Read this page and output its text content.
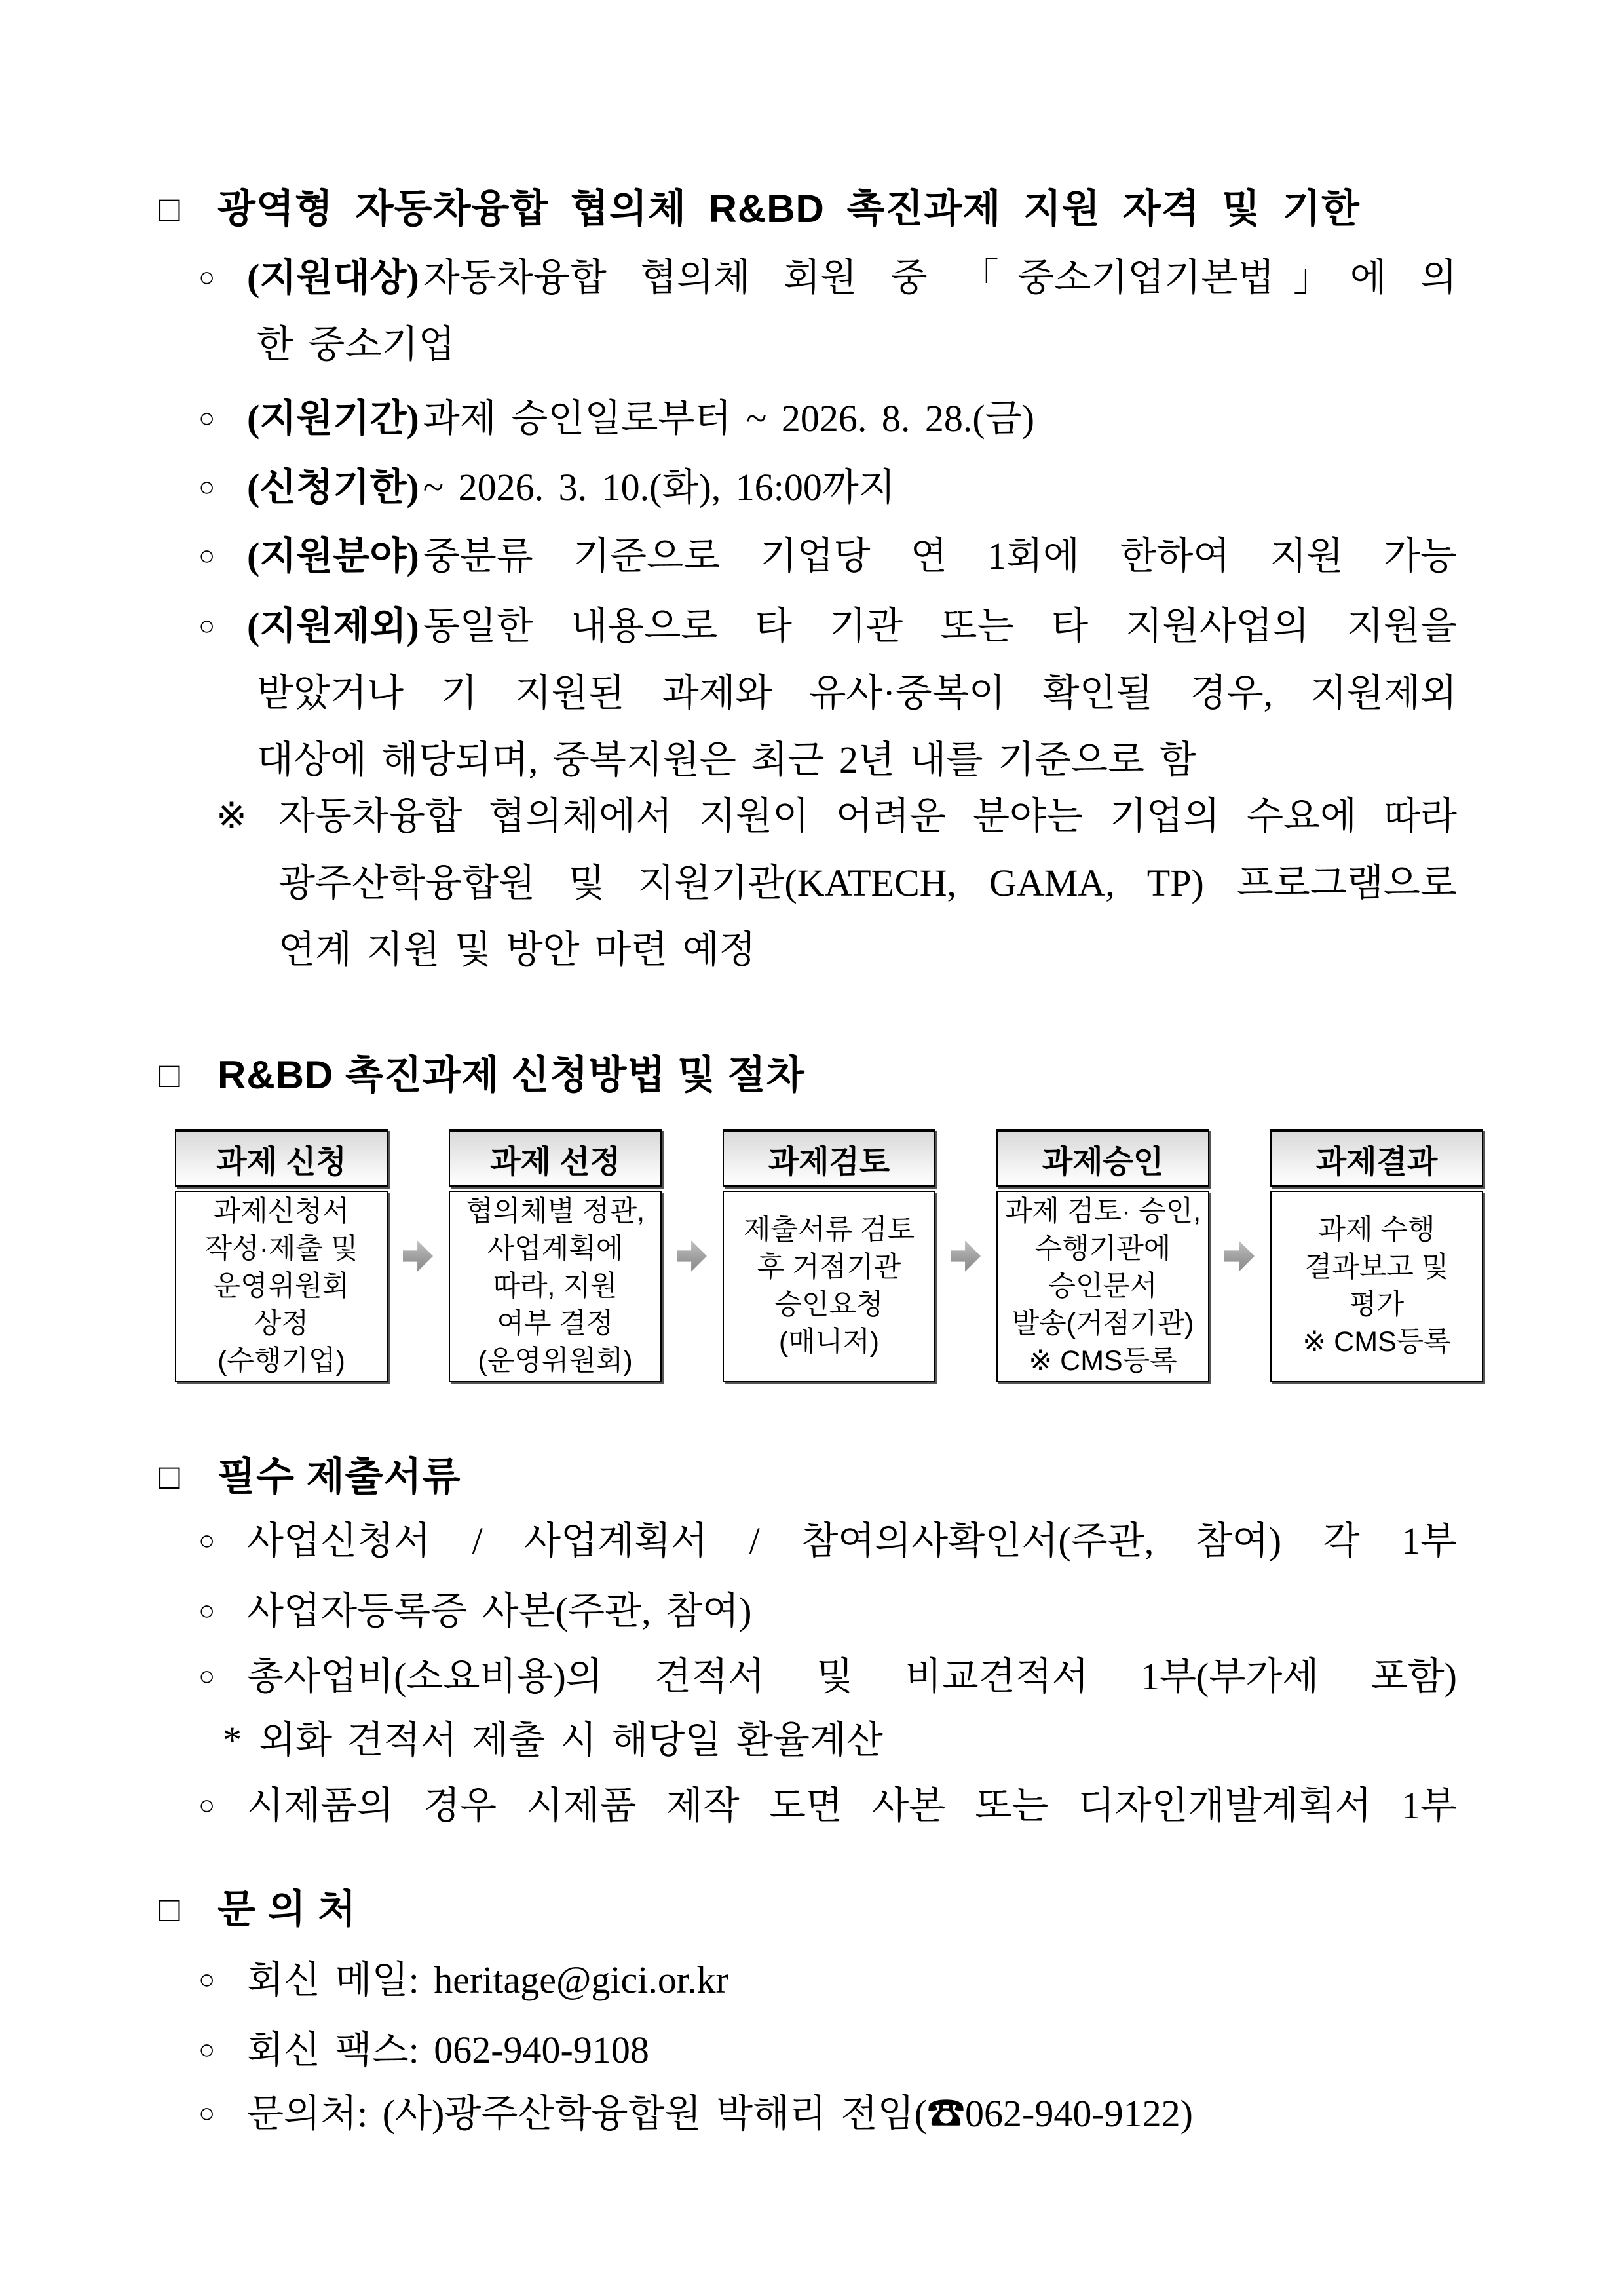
□ 광역형 자동차융합 협의체 R&BD 촉진과제 지원 자격 및 기한
○ (지원대상) 자동차융합 협의체 회원 중 「중소기업기본법」에 의
한 중소기업
○ (지원기간) 과제 승인일로부터 ~ 2026. 8. 28.(금)
○ (신청기한) ~ 2026. 3. 10.(화), 16:00까지
○ (지원분야) 중분류 기준으로 기업당 연 1회에 한하여 지원 가능
○ (지원제외) 동일한 내용으로 타 기관 또는 타 지원사업의 지원을
받았거나 기 지원된 과제와 유사·중복이 확인될 경우, 지원제외
대상에 해당되며, 중복지원은 최근 2년 내를 기준으로 함
※ 자동차융합 협의체에서 지원이 어려운 분야는 기업의 수요에 따라
광주산학융합원 및 지원기관(KATECH, GAMA, TP) 프로그램으로
연계 지원 및 방안 마련 예정
□ R&BD 촉진과제 신청방법 및 절차
과제 신청
과제신청서
작성·제출 및
운영위원회
상정
(수행기업)
과제 선정
협의체별 정관,
사업계획에
따라, 지원
여부 결정
(운영위원회)
과제검토
제출서류 검토
후 거점기관
승인요청
(매니저)
과제승인
과제 검토· 승인,
수행기관에
승인문서
발송(거점기관)
※ CMS등록
과제결과
과제 수행
결과보고 및
평가
※ CMS등록
□ 필수 제출서류
○ 사업신청서 / 사업계획서 / 참여의사확인서(주관, 참여) 각 1부
○ 사업자등록증 사본(주관, 참여)
○ 총사업비(소요비용)의 견적서 및 비교견적서 1부(부가세 포함)
* 외화 견적서 제출 시 해당일 환율계산
○ 시제품의 경우 시제품 제작 도면 사본 또는 디자인개발계획서 1부
□ 문 의 처
○ 회신 메일: heritage@gici.or.kr
○ 회신 팩스: 062-940-9108
○ 문의처: (사)광주산학융합원 박해리 전임(☎062-940-9122)
